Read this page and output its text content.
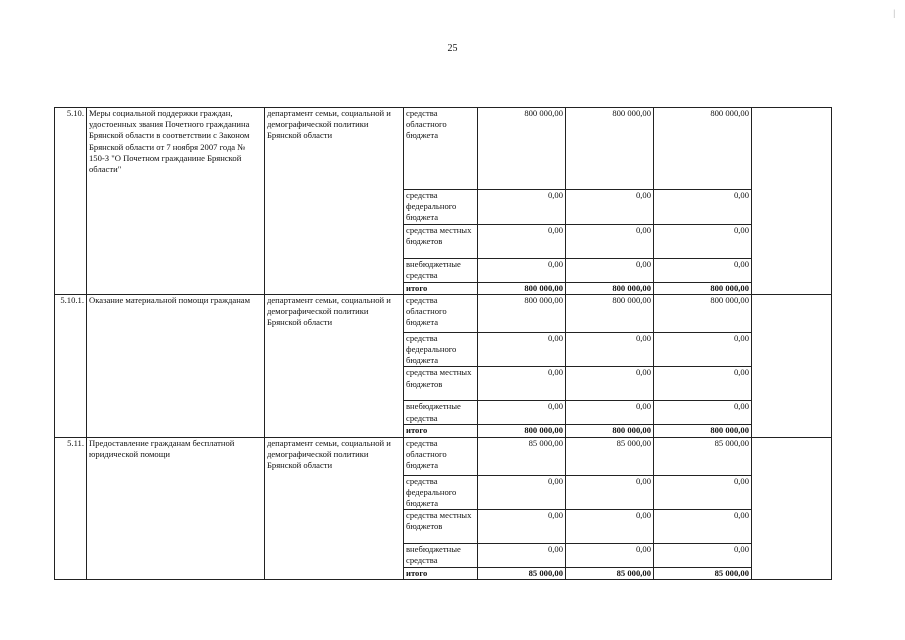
25
|
5.10.	Меры социальной поддержки граждан, удостоенных звания Почетного гражданина Брянской области в соответствии с Законом Брянской области от 7 ноября 2007 года № 150-З "О Почетном гражданине Брянской области"	департамент семьи, социальной и демографической политики Брянской области	средства областного бюджета	800 000,00	800 000,00	800 000,00	
			средства федерального бюджета	0,00	0,00	0,00	
			средства местных бюджетов	0,00	0,00	0,00	
			внебюджетные средства	0,00	0,00	0,00	
			итого	800 000,00	800 000,00	800 000,00	
5.10.1.	Оказание материальной помощи гражданам	департамент семьи, социальной и демографической политики Брянской области	средства областного бюджета	800 000,00	800 000,00	800 000,00	
			средства федерального бюджета	0,00	0,00	0,00	
			средства местных бюджетов	0,00	0,00	0,00	
			внебюджетные средства	0,00	0,00	0,00	
			итого	800 000,00	800 000,00	800 000,00	
5.11.	Предоставление гражданам бесплатной юридической помощи	департамент семьи, социальной и демографической политики Брянской области	средства областного бюджета	85 000,00	85 000,00	85 000,00	
			средства федерального бюджета	0,00	0,00	0,00	
			средства местных бюджетов	0,00	0,00	0,00	
			внебюджетные средства	0,00	0,00	0,00	
			итого	85 000,00	85 000,00	85 000,00	
